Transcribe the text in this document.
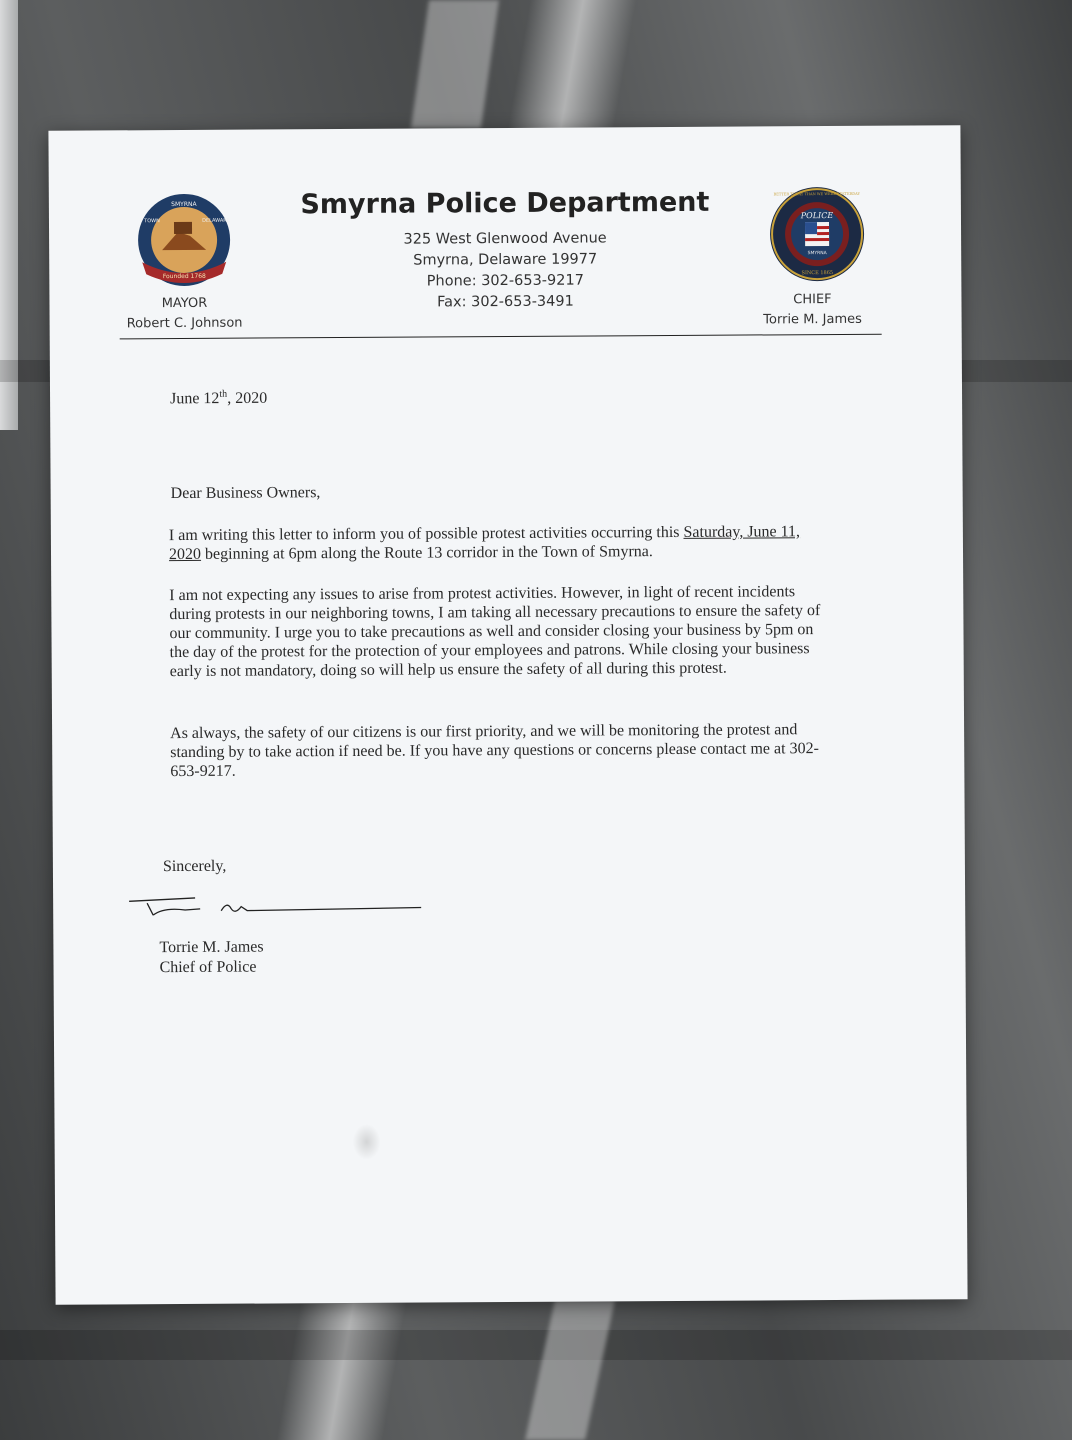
Founded 1768
SMYRNA
TOWN	DELAWARE
Smyrna Police Department
325 West Glenwood Avenue
Smyrna, Delaware 19977
Phone: 302-653-9217
Fax: 302-653-3491
POLICE
SMYRNA
SINCE 1865
BETTER TODAY THAN WE WERE YESTERDAY
MAYOR
Robert C. Johnson
CHIEF
Torrie M. James
June 12th, 2020
Dear Business Owners,
I am writing this letter to inform you of possible protest activities occurring this Saturday, June 11, 2020 beginning at 6pm along the Route 13 corridor in the Town of Smyrna.
I am not expecting any issues to arise from protest activities. However, in light of recent incidents during protests in our neighboring towns, I am taking all necessary precautions to ensure the safety of our community. I urge you to take precautions as well and consider closing your business by 5pm on the day of the protest for the protection of your employees and patrons. While closing your business early is not mandatory, doing so will help us ensure the safety of all during this protest.
As always, the safety of our citizens is our first priority, and we will be monitoring the protest and standing by to take action if need be. If you have any questions or concerns please contact me at 302-653-9217.
Sincerely,
Torrie M. James
Chief of Police
